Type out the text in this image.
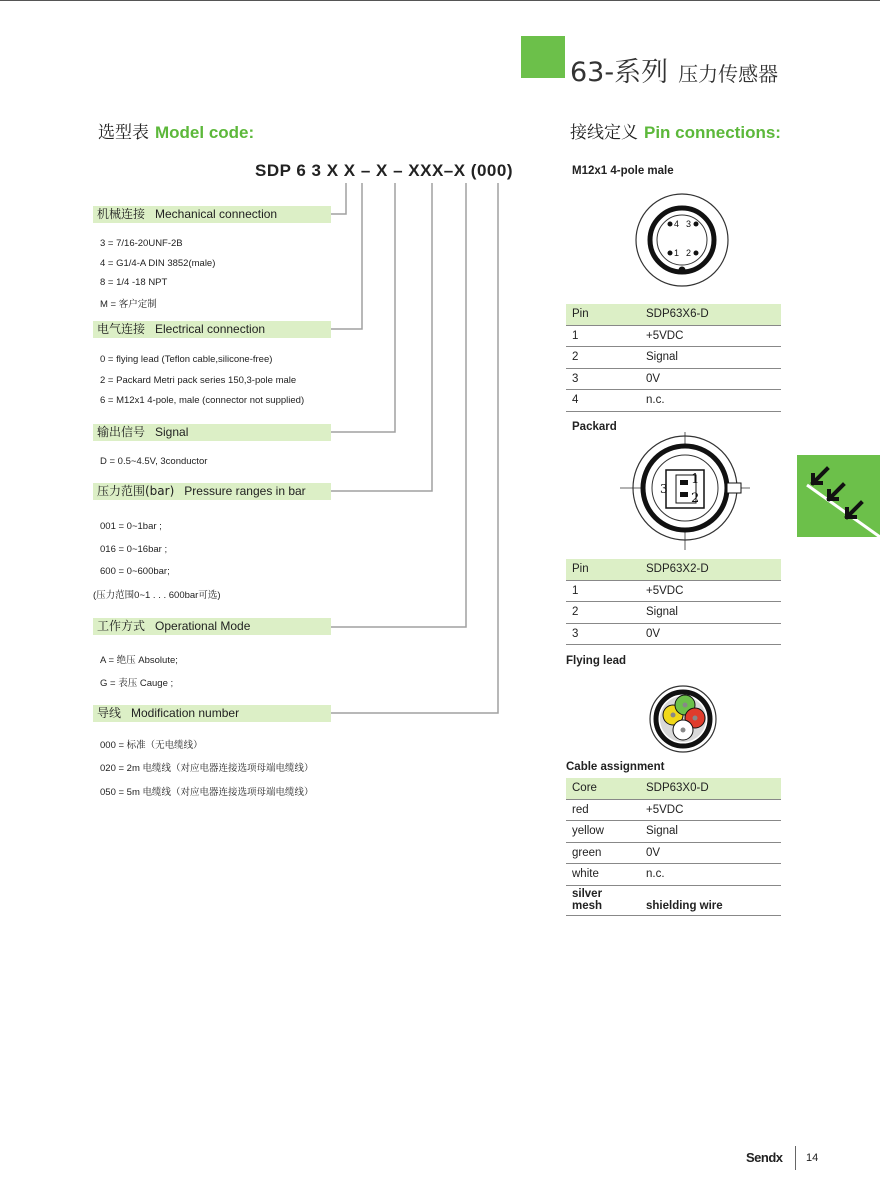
63-系列 压力传感器
选型表 Model code:
SDP 6 3 X X – X – XXX–X (000)
机械连接 Mechanical connection
3 = 7/16-20UNF-2B
4 = G1/4-A DIN 3852(male)
8 = 1/4 -18 NPT
M = 客户定制
电气连接 Electrical connection
0 = flying lead (Teflon cable,silicone-free)
2 = Packard Metri pack series 150,3-pole male
6 = M12x1 4-pole, male (connector not supplied)
输出信号 Signal
D = 0.5~4.5V, 3conductor
压力范围(bar) Pressure ranges in bar
001 = 0~1bar ;
016 = 0~16bar ;
600 = 0~600bar;
(压力范围0~1 . . . 600bar可选)
工作方式 Operational Mode
A = 绝压 Absolute;
G = 表压 Cauge ;
导线 Modification number
000 = 标准（无电缆线）
020 = 2m 电缆线（对应电器连接选项母端电缆线）
050 = 5m 电缆线（对应电器连接选项母端电缆线）
接线定义 Pin connections:
M12x1 4-pole male
4 3
1 2
Pin	SDP63X6-D
1	+5VDC
2	Signal
3	0V
4	n.c.
Packard
1
2
3
Pin	SDP63X2-D
1	+5VDC
2	Signal
3	0V
Flying lead
Cable assignment
Core	SDP63X0-D
red	+5VDC
yellow	Signal
green	0V
white	n.c.
silver
mesh	shielding wire
Sendx 14
